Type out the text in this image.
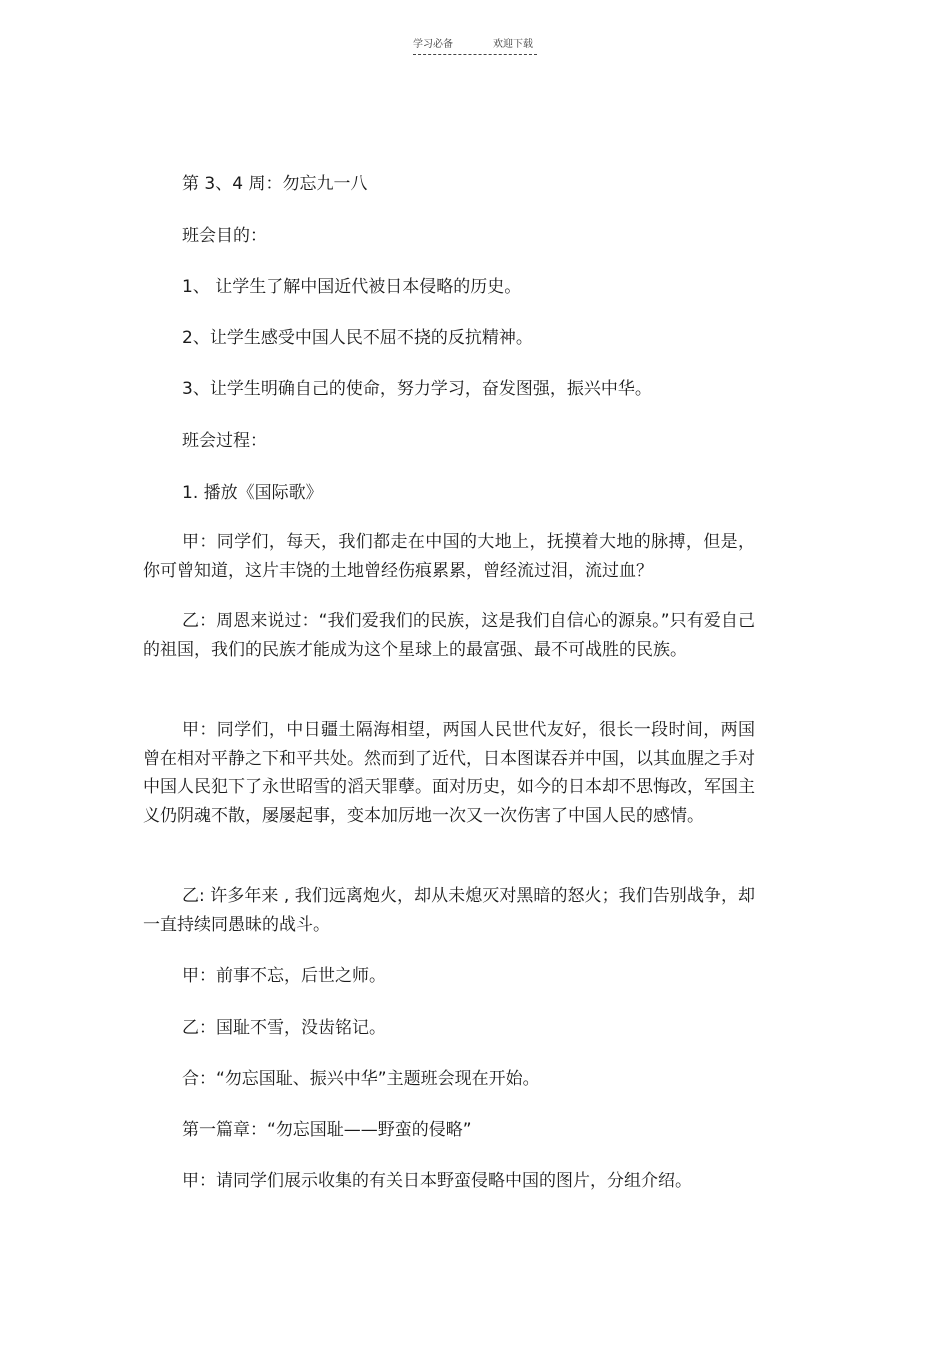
学习必备	欢迎下载
第 3、4 周：勿忘九一八
班会目的：
1、 让学生了解中国近代被日本侵略的历史。
2、让学生感受中国人民不屈不挠的反抗精神。
3、让学生明确自己的使命，努力学习，奋发图强，振兴中华。
班会过程：
1. 播放《国际歌》
甲：同学们，每天，我们都走在中国的大地上，抚摸着大地的脉搏，但是，你可曾知道，这片丰饶的土地曾经伤痕累累，曾经流过泪，流过血？
乙：周恩来说过：“我们爱我们的民族，这是我们自信心的源泉。”只有爱自己的祖国，我们的民族才能成为这个星球上的最富强、最不可战胜的民族。
甲：同学们，中日疆土隔海相望，两国人民世代友好，很长一段时间，两国曾在相对平静之下和平共处。然而到了近代，日本图谋吞并中国，以其血腥之手对中国人民犯下了永世昭雪的滔天罪孽。面对历史，如今的日本却不思悔改，军国主义仍阴魂不散，屡屡起事，变本加厉地一次又一次伤害了中国人民的感情。
乙: 许多年来 , 我们远离炮火，却从未熄灭对黑暗的怒火；我们告别战争，却一直持续同愚昧的战斗。
甲：前事不忘，后世之师。
乙：国耻不雪，没齿铭记。
合：“勿忘国耻、振兴中华”主题班会现在开始。
第一篇章：“勿忘国耻——野蛮的侵略”
甲：请同学们展示收集的有关日本野蛮侵略中国的图片，分组介绍。
